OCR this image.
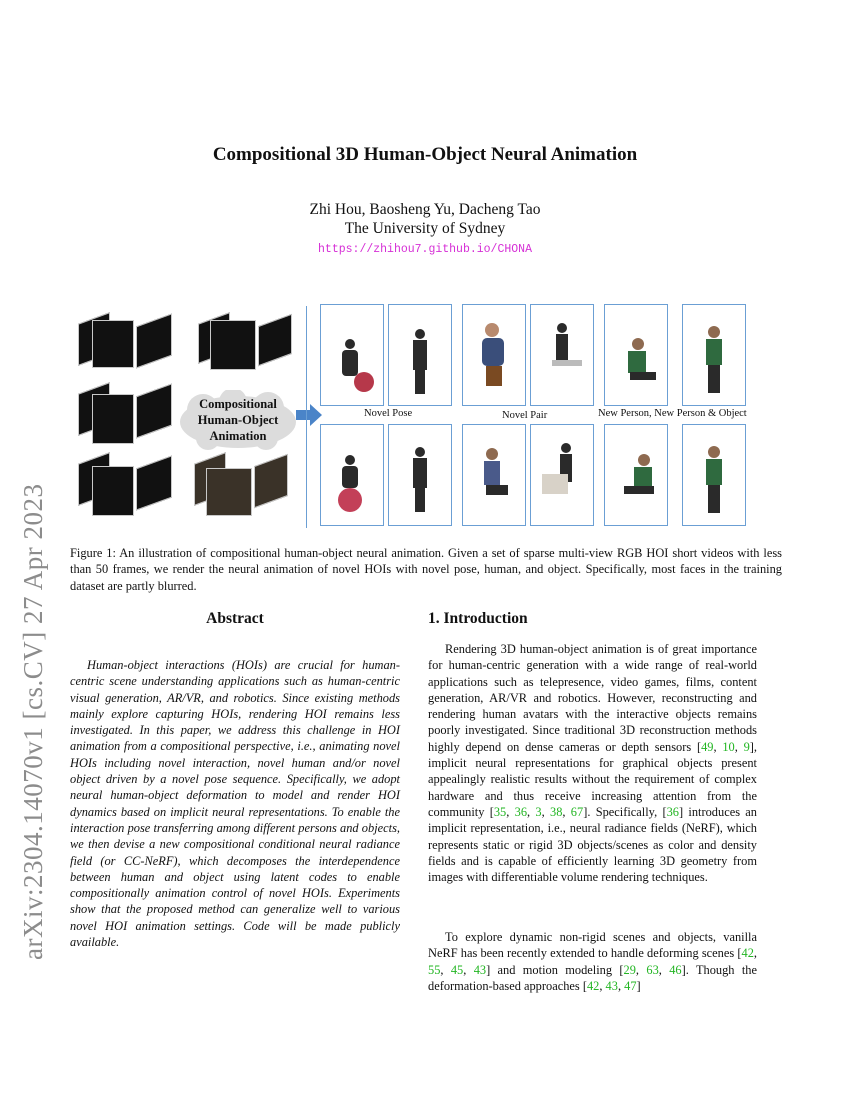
Compositional 3D Human-Object Neural Animation
Zhi Hou, Baosheng Yu, Dacheng Tao
The University of Sydney
https://zhihou7.github.io/CHONA
arXiv:2304.14070v1 [cs.CV] 27 Apr 2023
Compositional Human-Object Animation
Novel Pose	Novel Pair	New Person, New Person & Object
Figure 1: An illustration of compositional human-object neural animation. Given a set of sparse multi-view RGB HOI short videos with less than 50 frames, we render the neural animation of novel HOIs with novel pose, human, and object. Specifically, most faces in the training dataset are partly blurred.
Abstract
Human-object interactions (HOIs) are crucial for human-centric scene understanding applications such as human-centric visual generation, AR/VR, and robotics. Since existing methods mainly explore capturing HOIs, rendering HOI remains less investigated. In this paper, we address this challenge in HOI animation from a compositional perspective, i.e., animating novel HOIs including novel interaction, novel human and/or novel object driven by a novel pose sequence. Specifically, we adopt neural human-object deformation to model and render HOI dynamics based on implicit neural representations. To enable the interaction pose transferring among different persons and objects, we then devise a new compositional conditional neural radiance field (or CC-NeRF), which decomposes the interdependence between human and object using latent codes to enable compositionally animation control of novel HOIs. Experiments show that the proposed method can generalize well to various novel HOI animation settings. Code will be made publicly available.
1. Introduction
Rendering 3D human-object animation is of great importance for human-centric generation with a wide range of real-world applications such as telepresence, video games, films, content generation, AR/VR and robotics. However, reconstructing and rendering human avatars with the interactive objects remains poorly investigated. Since traditional 3D reconstruction methods highly depend on dense cameras or depth sensors [49, 10, 9], implicit neural representations for graphical objects present appealingly realistic results without the requirement of complex hardware and thus receive increasing attention from the community [35, 36, 3, 38, 67]. Specifically, [36] introduces an implicit representation, i.e., neural radiance fields (NeRF), which represents static or rigid 3D objects/scenes as color and density fields and is capable of efficiently learning 3D geometry from images with differentiable volume rendering techniques.
To explore dynamic non-rigid scenes and objects, vanilla NeRF has been recently extended to handle deforming scenes [42, 55, 45, 43] and motion modeling [29, 63, 46]. Though the deformation-based approaches [42, 43, 47]
